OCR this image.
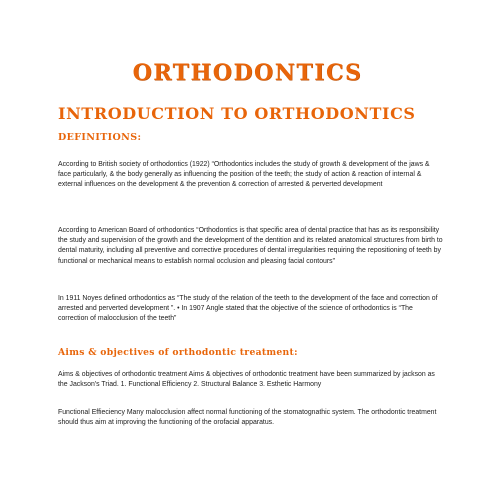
ORTHODONTICS
INTRODUCTION TO ORTHODONTICS
DEFINITIONS:

According to British society of orthodontics (1922) “Orthodontics includes the study of growth & development of the jaws & face particularly, & the body generally as influencing the position of the teeth; the study of action & reaction of internal & external influences on the development & the prevention & correction of arrested & perverted development

According to American Board of orthodontics “Orthodontics is that specific area of dental practice that has as its responsibility the study and supervision of the growth and the development of the dentition and its related anatomical structures from birth to dental maturity, including all preventive and corrective procedures of dental irregularities requiring the repositioning of teeth by functional or mechanical means to establish normal occlusion and pleasing facial contours”

In 1911 Noyes defined orthodontics as “The study of the relation of the teeth to the development of the face and correction of arrested and perverted development ”. • In 1907 Angle stated that the objective of the science of orthodontics is “The correction of malocclusion of the teeth”

Aims & objectives of orthodontic treatment:

Aims & objectives of orthodontic treatment Aims & objectives of orthodontic treatment have been summarized by jackson as the Jackson’s Triad. 1. Functional Efficiency 2. Structural Balance 3. Esthetic Harmony

Functional Effieciency Many malocclusion affect normal functioning of the stomatognathic system. The orthodontic treatment should thus aim at improving the functioning of the orofacial apparatus.
